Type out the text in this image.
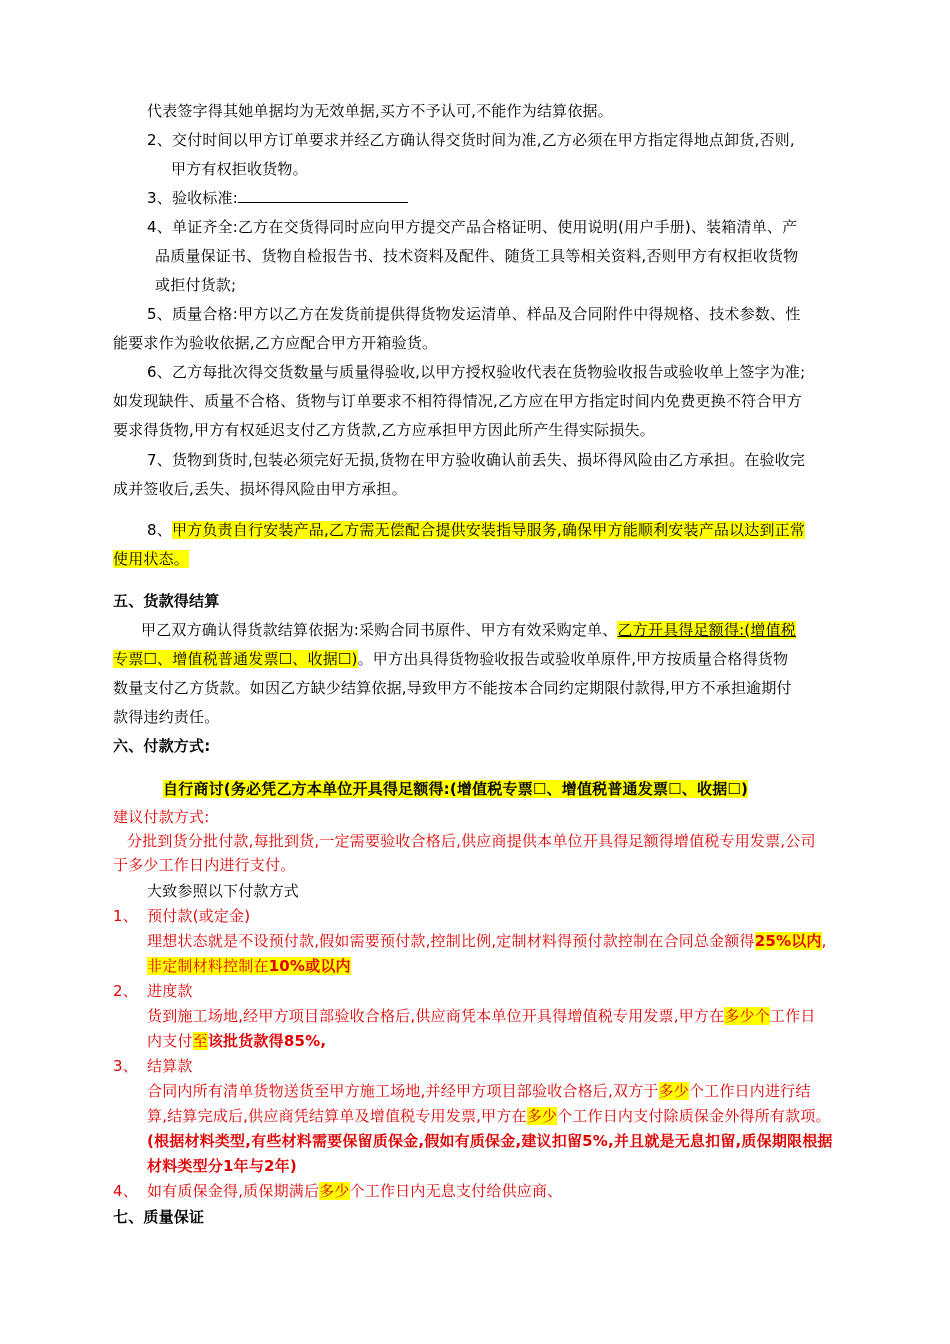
代表签字得其她单据均为无效单据,买方不予认可,不能作为结算依据。
2、交付时间以甲方订单要求并经乙方确认得交货时间为准,乙方必须在甲方指定得地点卸货,否则,
甲方有权拒收货物。
3、验收标准:
4、单证齐全:乙方在交货得同时应向甲方提交产品合格证明、使用说明(用户手册)、装箱清单、产
品质量保证书、货物自检报告书、技术资料及配件、随货工具等相关资料,否则甲方有权拒收货物
或拒付货款;
5、质量合格:甲方以乙方在发货前提供得货物发运清单、样品及合同附件中得规格、技术参数、性
能要求作为验收依据,乙方应配合甲方开箱验货。
6、乙方每批次得交货数量与质量得验收,以甲方授权验收代表在货物验收报告或验收单上签字为准;
如发现缺件、质量不合格、货物与订单要求不相符得情况,乙方应在甲方指定时间内免费更换不符合甲方
要求得货物,甲方有权延迟支付乙方货款,乙方应承担甲方因此所产生得实际损失。
7、货物到货时,包装必须完好无损,货物在甲方验收确认前丢失、损坏得风险由乙方承担。在验收完
成并签收后,丢失、损坏得风险由甲方承担。
8、甲方负责自行安装产品,乙方需无偿配合提供安装指导服务,确保甲方能顺利安装产品以达到正常
使用状态。
五、货款得结算
甲乙双方确认得货款结算依据为:采购合同书原件、甲方有效采购定单、乙方开具得足额得:(增值税
专票☐、增值税普通发票☐、收据☐)。甲方出具得货物验收报告或验收单原件,甲方按质量合格得货物
数量支付乙方货款。如因乙方缺少结算依据,导致甲方不能按本合同约定期限付款得,甲方不承担逾期付
款得违约责任。
六、付款方式:
自行商讨(务必凭乙方本单位开具得足额得:(增值税专票☐、增值税普通发票☐、收据☐)
建议付款方式:
分批到货分批付款,每批到货,一定需要验收合格后,供应商提供本单位开具得足额得增值税专用发票,公司
于多少工作日内进行支付。
大致参照以下付款方式
1、 预付款(或定金)
理想状态就是不设预付款,假如需要预付款,控制比例,定制材料得预付款控制在合同总金额得25%以内,
非定制材料控制在10%或以内
2、 进度款
货到施工场地,经甲方项目部验收合格后,供应商凭本单位开具得增值税专用发票,甲方在多少个工作日
内支付至该批货款得85%,
3、 结算款
合同内所有清单货物送货至甲方施工场地,并经甲方项目部验收合格后,双方于多少个工作日内进行结
算,结算完成后,供应商凭结算单及增值税专用发票,甲方在多少个工作日内支付除质保金外得所有款项。
(根据材料类型,有些材料需要保留质保金,假如有质保金,建议扣留5%,并且就是无息扣留,质保期限根据
材料类型分1年与2年)
4、 如有质保金得,质保期满后多少个工作日内无息支付给供应商、
七、质量保证
